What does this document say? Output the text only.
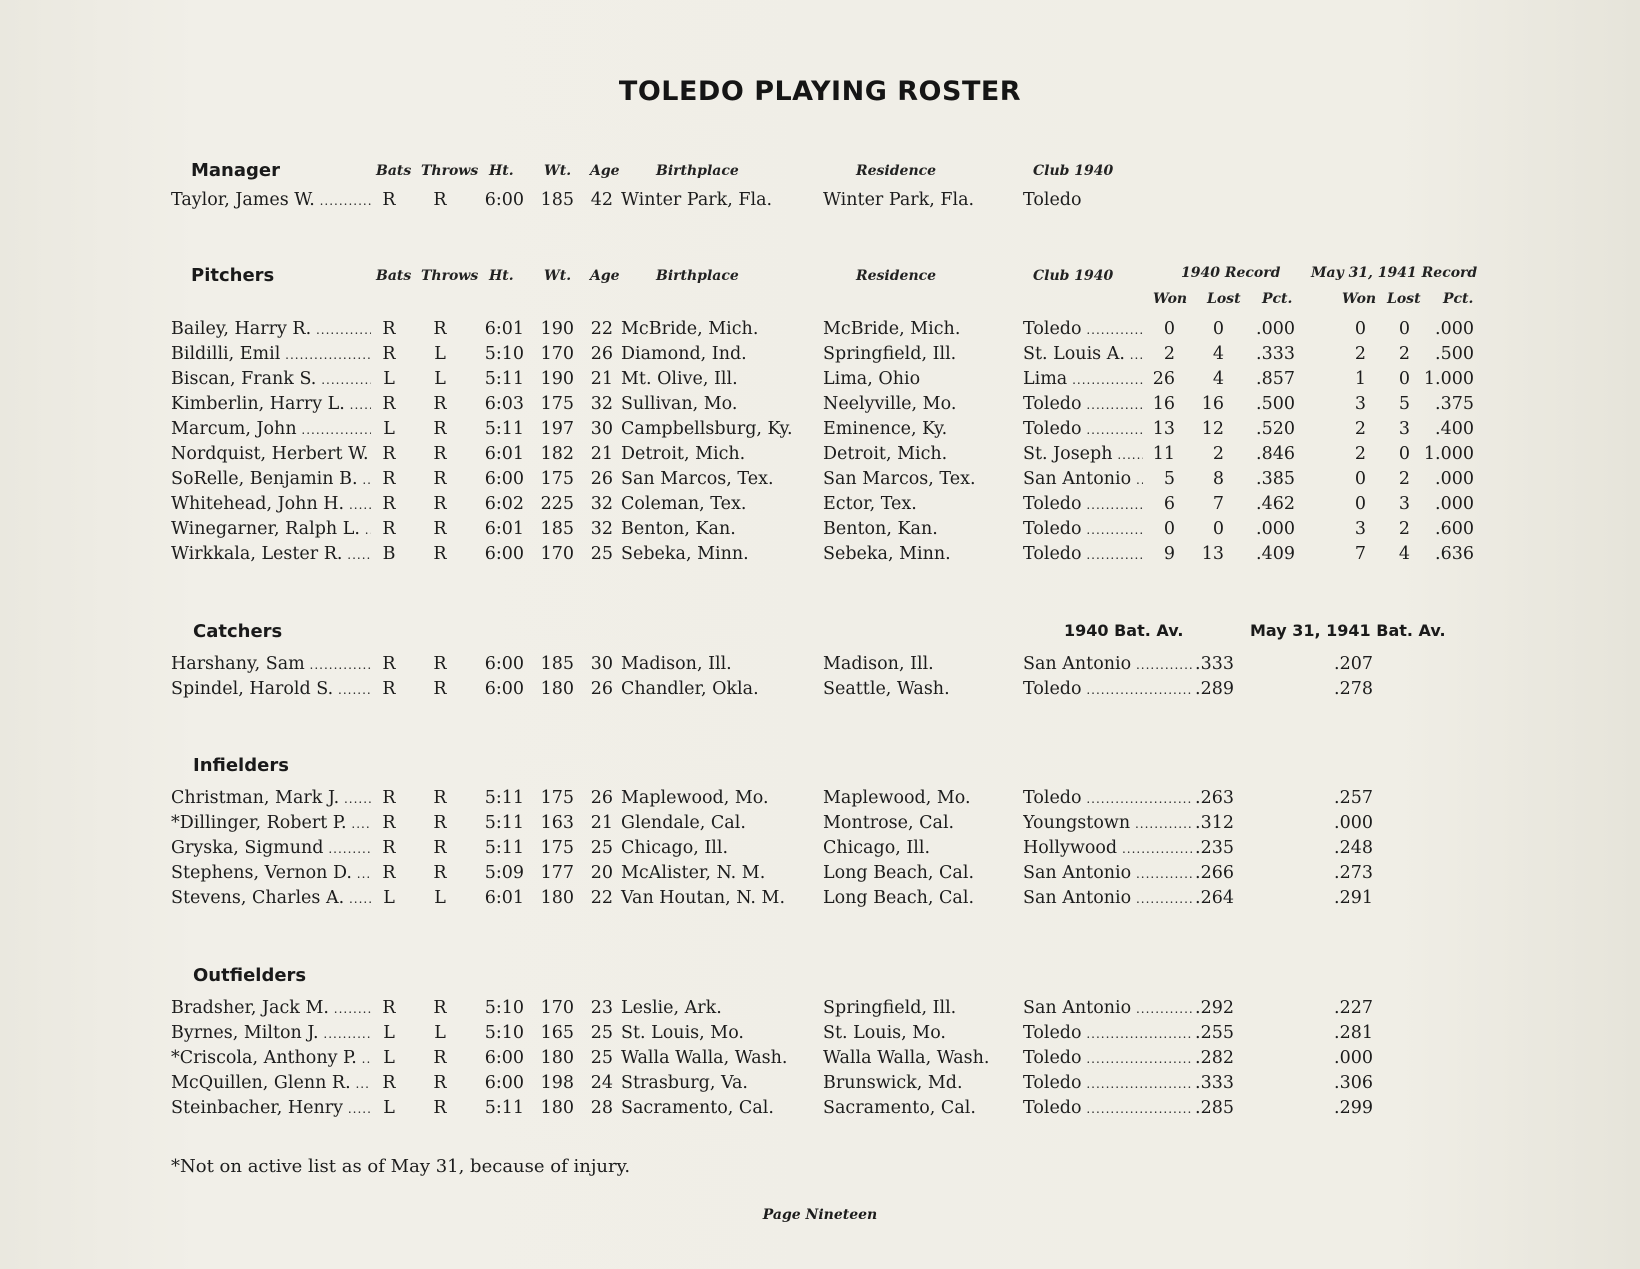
TOLEDO PLAYING ROSTER
Manager	Bats Throws Ht. Wt. Age	Birthplace	Residence	Club 1940
Taylor, James W. .....	R	R	6:00 185 42 Winter Park, Fla.	Winter Park, Fla.	Toledo
Pitchers	Bats Throws Ht. Wt. Age	Birthplace	Residence	Club 1940	1940 Record May 31, 1941 Record
Won Lost Pct.	Won Lost Pct.
Bailey, Harry R. .....	R	R	6:01 190 22 McBride, Mich.	McBride, Mich.	Toledo .....	0	0	.000	0	0	.000
Bildilli, Emil .....	R	L	5:10 170 26 Diamond, Ind.	Springfield, Ill.	St. Louis A. .....	2	4	.333	2	2	.500
Biscan, Frank S. .....	L	L	5:11 190 21 Mt. Olive, Ill.	Lima, Ohio	Lima .....	26	4	.857	1	0 1.000
Kimberlin, Harry L. .....	R	R	6:03 175 32 Sullivan, Mo.	Neelyville, Mo.	Toledo .....	16	16	.500	3	5	.375
Marcum, John .....	L	R	5:11 197 30 Campbellsburg, Ky.	Eminence, Ky.	Toledo .....	13	12	.520	2	3	.400
Nordquist, Herbert W. ..... R	R	6:01 182 21 Detroit, Mich.	Detroit, Mich.	St. Joseph .....	11	2	.846	2	0 1.000
SoRelle, Benjamin B. .....	R	R	6:00 175 26 San Marcos, Tex.	San Marcos, Tex.	San Antonio .....	5	8	.385	0	2	.000
Whitehead, John H. .....	R	R	6:02 225 32 Coleman, Tex.	Ector, Tex.	Toledo .....	6	7	.462	0	3	.000
Winegarner, Ralph L. .....	R	R	6:01 185 32 Benton, Kan.	Benton, Kan.	Toledo .....	0	0	.000	3	2	.600
Wirkkala, Lester R. .....	B	R	6:00 170 25 Sebeka, Minn.	Sebeka, Minn.	Toledo .....	9	13	.409	7	4	.636
Catchers	1940 Bat. Av.	May 31, 1941 Bat. Av.
Harshany, Sam .....	R	R	6:00 185 30 Madison, Ill.	Madison, Ill.	San Antonio .....	.333	.207
Spindel, Harold S. .....	R	R	6:00 180 26 Chandler, Okla.	Seattle, Wash.	Toledo .....	.289	.278
Infielders
Christman, Mark J. .....	R	R	5:11 175 26 Maplewood, Mo.	Maplewood, Mo.	Toledo .....	.263	.257
*Dillinger, Robert P. .....	R	R	5:11 163 21 Glendale, Cal.	Montrose, Cal.	Youngstown .....	.312	.000
Gryska, Sigmund .....	R	R	5:11 175 25 Chicago, Ill.	Chicago, Ill.	Hollywood .....	.235	.248
Stephens, Vernon D. .....	R	R	5:09 177 20 McAlister, N. M.	Long Beach, Cal.	San Antonio .....	.266	.273
Stevens, Charles A. .....	L	L	6:01 180 22 Van Houtan, N. M.	Long Beach, Cal.	San Antonio .....	.264	.291
Outfielders
Bradsher, Jack M. .....	R	R	5:10 170 23 Leslie, Ark.	Springfield, Ill.	San Antonio .....	.292	.227
Byrnes, Milton J. .....	L	L	5:10 165 25 St. Louis, Mo.	St. Louis, Mo.	Toledo .....	.255	.281
*Criscola, Anthony P. .....	L	R	6:00 180 25 Walla Walla, Wash.	Walla Walla, Wash.	Toledo .....	.282	.000
McQuillen, Glenn R. .....	R	R	6:00 198 24 Strasburg, Va.	Brunswick, Md.	Toledo .....	.333	.306
Steinbacher, Henry .....	L	R	5:11 180 28 Sacramento, Cal.	Sacramento, Cal.	Toledo .....	.285	.299
*Not on active list as of May 31, because of injury.
Page Nineteen
